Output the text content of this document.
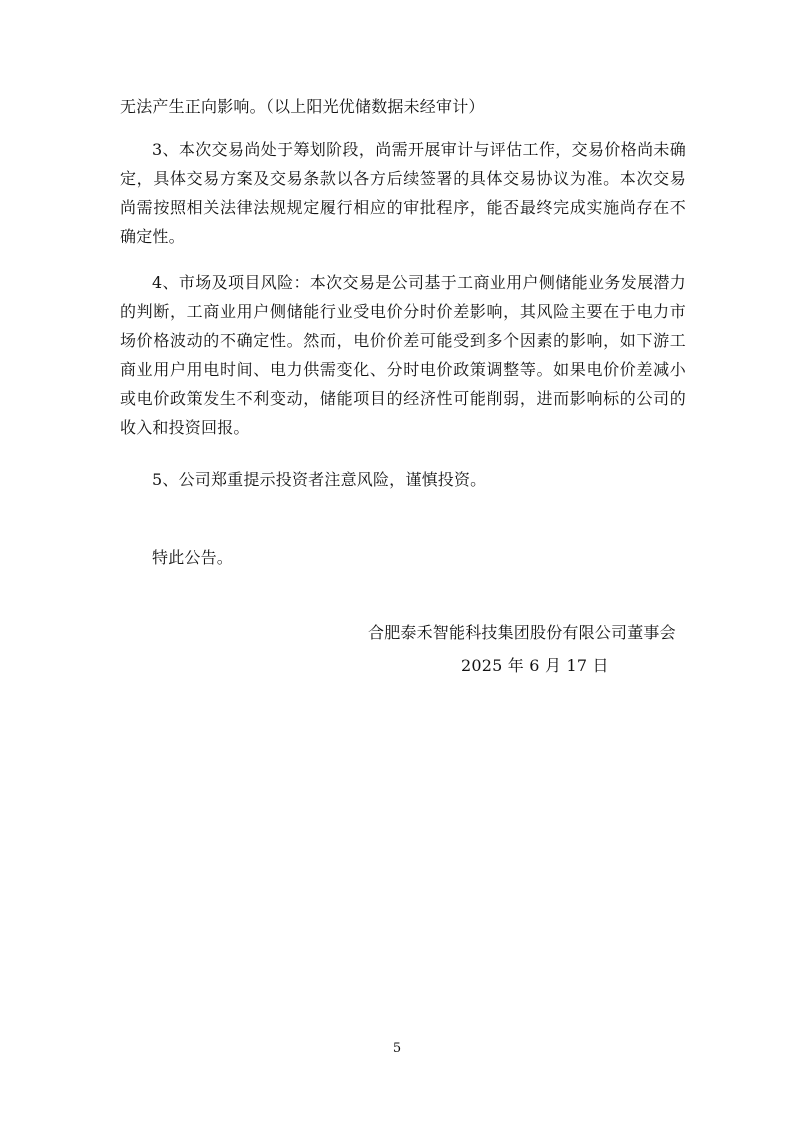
无法产生正向影响。（以上阳光优储数据未经审计）

3、本次交易尚处于筹划阶段，尚需开展审计与评估工作，交易价格尚未确定，具体交易方案及交易条款以各方后续签署的具体交易协议为准。本次交易尚需按照相关法律法规规定履行相应的审批程序，能否最终完成实施尚存在不确定性。

4、市场及项目风险：本次交易是公司基于工商业用户侧储能业务发展潜力的判断，工商业用户侧储能行业受电价分时价差影响，其风险主要在于电力市场价格波动的不确定性。然而，电价价差可能受到多个因素的影响，如下游工商业用户用电时间、电力供需变化、分时电价政策调整等。如果电价价差减小或电价政策发生不利变动，储能项目的经济性可能削弱，进而影响标的公司的收入和投资回报。

5、公司郑重提示投资者注意风险，谨慎投资。

特此公告。

合肥泰禾智能科技集团股份有限公司董事会

2025 年 6 月 17 日

5
